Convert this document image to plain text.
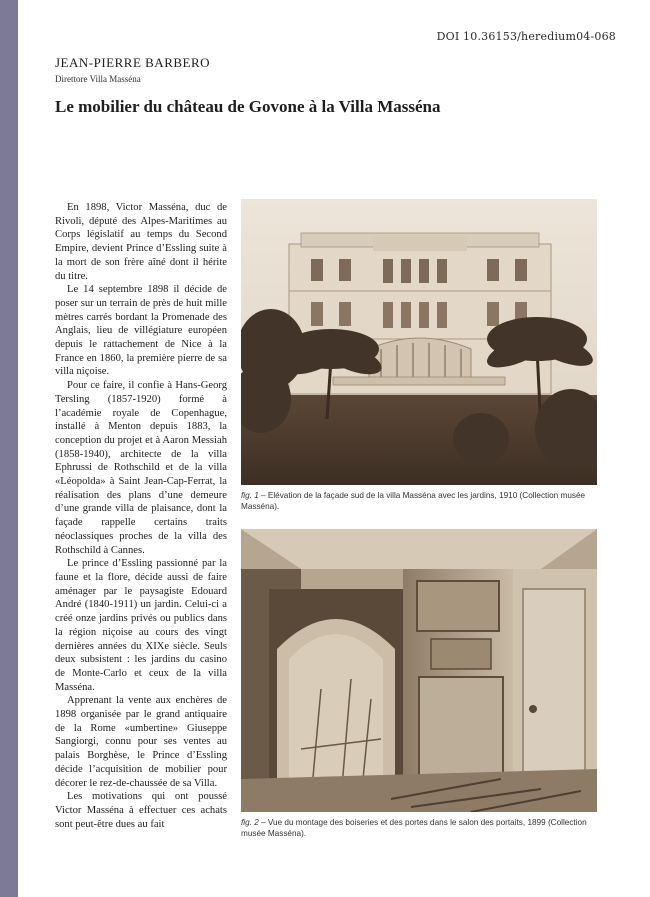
DOI 10.36153/heredium04-068
JEAN-PIERRE BARBERO
Direttore Villa Masséna
Le mobilier du château de Govone à la Villa Masséna

En 1898, Victor Masséna, duc de Rivoli, député des Alpes-Maritimes au Corps législatif au temps du Second Empire, devient Prince d’Essling suite à la mort de son frère aîné dont il hérite du titre.

Le 14 septembre 1898 il décide de poser sur un terrain de près de huit mille mètres carrés bordant la Promenade des Anglais, lieu de villégiature européen depuis le rattachement de Nice à la France en 1860, la première pierre de sa villa niçoise.

Pour ce faire, il confie à Hans-Georg Tersling (1857-1920) formé à l’académie royale de Copenhague, installé à Menton depuis 1883, la conception du projet et à Aaron Messiah (1858-1940), architecte de la villa Ephrussi de Rothschild et de la villa «Léopolda» à Saint Jean-Cap-Ferrat, la réalisation des plans d’une demeure d’une grande villa de plaisance, dont la façade rappelle certains traits néoclassiques proches de la villa des Rothschild à Cannes.

Le prince d’Essling passionné par la faune et la flore, décide aussi de faire aménager par le paysagiste Edouard André (1840-1911) un jardin. Celui-ci a créé onze jardins privés ou publics dans la région niçoise au cours des vingt dernières années du XIXe siècle. Seuls deux subsistent : les jardins du casino de Monte-Carlo et ceux de la villa Masséna.

Apprenant la vente aux enchères de 1898 organisée par le grand antiquaire de la Rome «umbertine» Giuseppe Sangiorgi, connu pour ses ventes au palais Borghèse, le Prince d’Essling décide l’acquisition de mobilier pour décorer le rez-de-chaussée de sa Villa.

Les motivations qui ont poussé Victor Masséna à effectuer ces achats sont peut-être dues au fait

fig. 1 – Elévation de la façade sud de la villa Masséna avec les jardins, 1910 (Collection musée Masséna).
fig. 2 – Vue du montage des boiseries et des portes dans le salon des portaits, 1899 (Collection musée Masséna).
